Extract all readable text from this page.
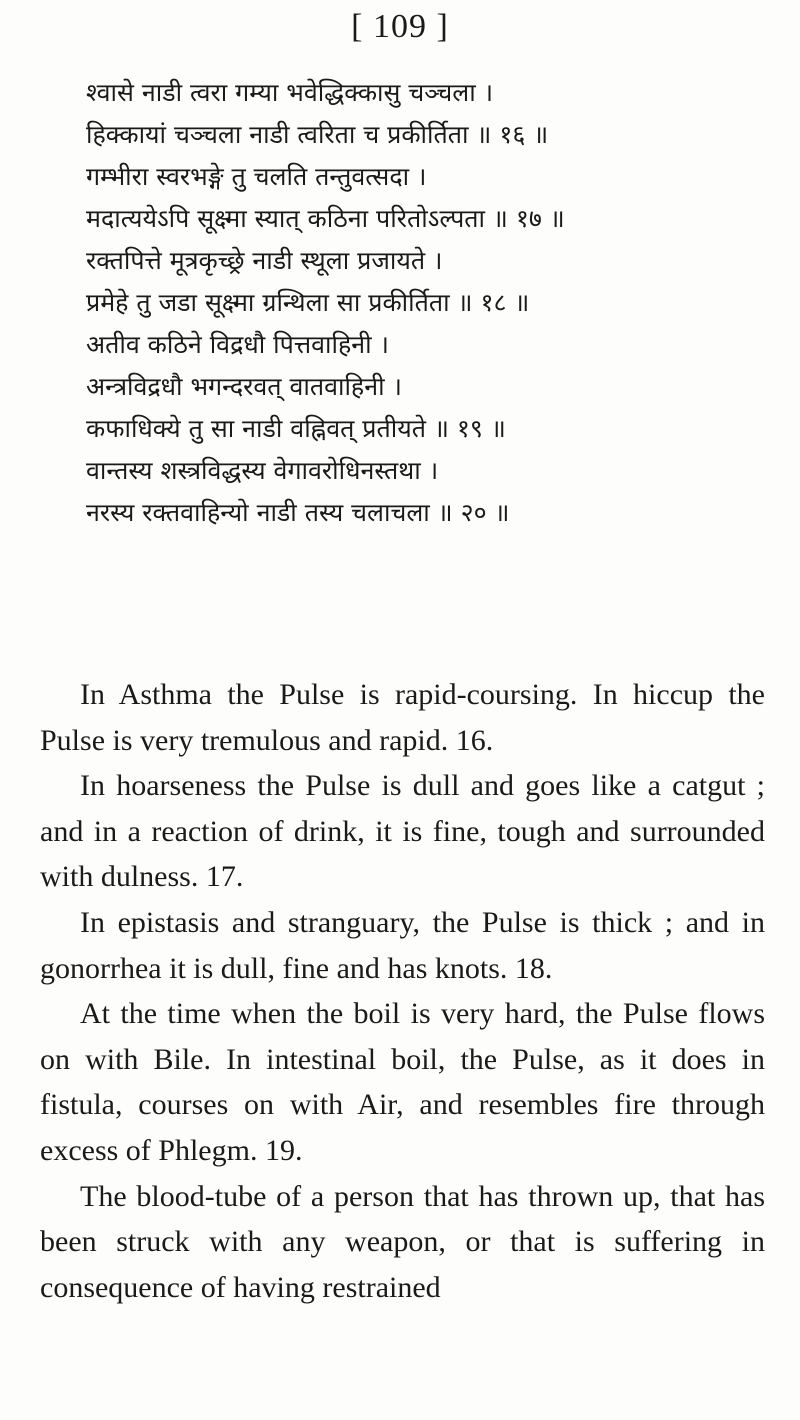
[ 109 ]
श्वासे नाडी त्वरा गम्या भवेद्धिक्कासु चञ्चला ।
हिक्कायां चञ्चला नाडी त्वरिता च प्रकीर्तिता ॥ १६ ॥
गम्भीरा स्वरभङ्गे तु चलति तन्तुवत्सदा ।
मदात्ययेऽपि सूक्ष्मा स्यात् कठिना परितोऽल्पता ॥ १७ ॥
रक्तपित्ते मूत्रकृच्छ्रे नाडी स्थूला प्रजायते ।
प्रमेहे तु जडा सूक्ष्मा ग्रन्थिला सा प्रकीर्तिता ॥ १८ ॥
अतीव कठिने विद्रधौ पित्तवाहिनी ।
अन्त्रविद्रधौ भगन्दरवत् वातवाहिनी ।
कफाधिक्ये तु सा नाडी वह्निवत् प्रतीयते ॥ १९ ॥
वान्तस्य शस्त्रविद्धस्य वेगावरोधिनस्तथा ।
नरस्य रक्तवाहिन्यो नाडी तस्य चलाचला ॥ २० ॥

In Asthma the Pulse is rapid-coursing. In hiccup the Pulse is very tremulous and rapid. 16.

In hoarseness the Pulse is dull and goes like a catgut ; and in a reaction of drink, it is fine, tough and surrounded with dulness. 17.

In epistasis and stranguary, the Pulse is thick ; and in gonorrhea it is dull, fine and has knots. 18.

At the time when the boil is very hard, the Pulse flows on with Bile. In intestinal boil, the Pulse, as it does in fistula, courses on with Air, and resembles fire through excess of Phlegm. 19.

The blood-tube of a person that has thrown up, that has been struck with any weapon, or that is suffering in consequence of having restrained
